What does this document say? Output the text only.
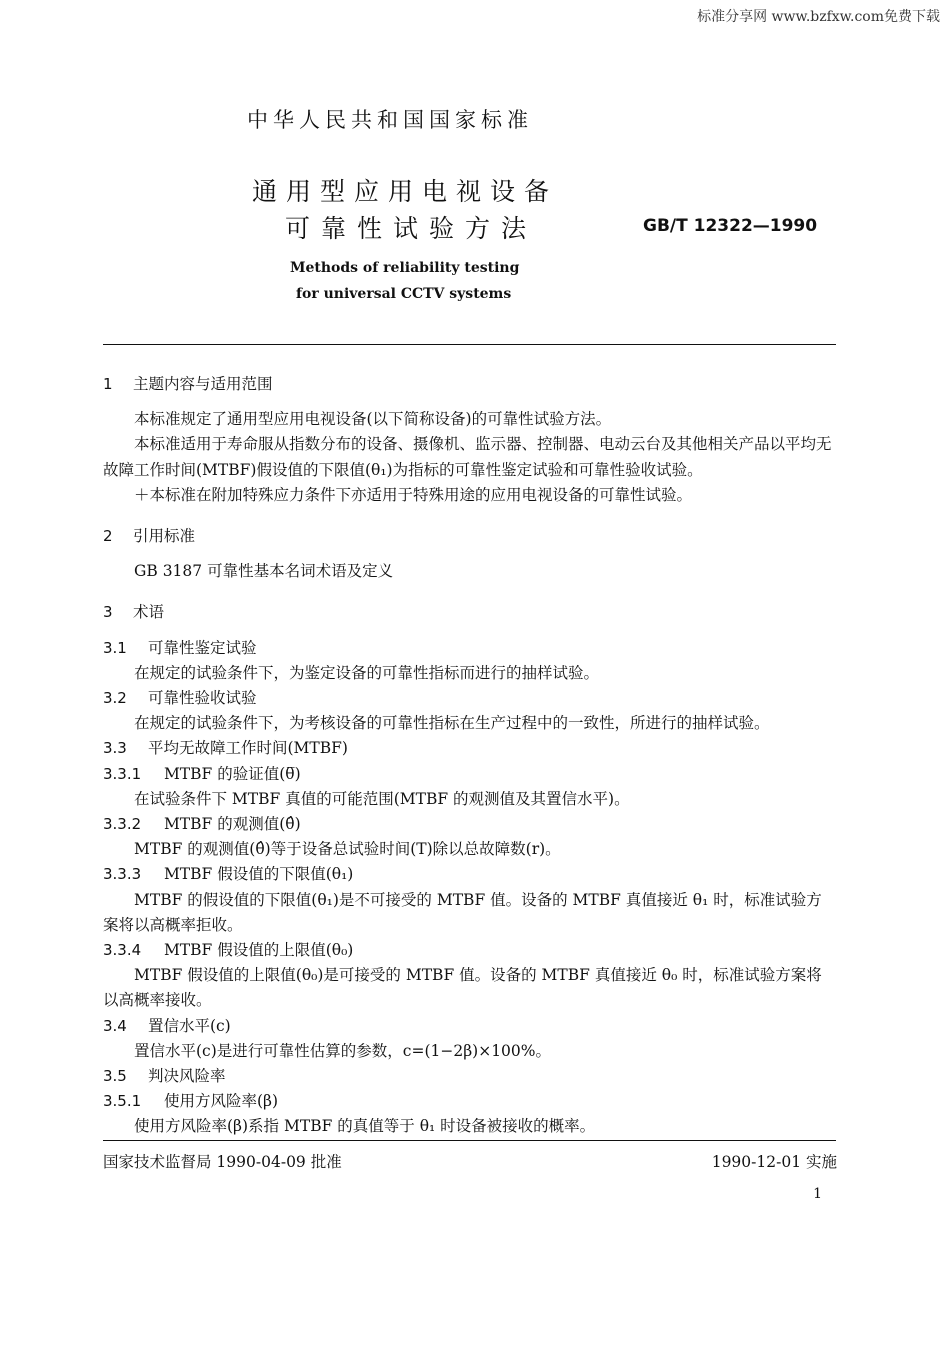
标准分享网 www.bzfxw.com免费下载
中华人民共和国国家标准
通用型应用电视设备
可靠性试验方法	GB/T 12322—1990
Methods of reliability testing
for universal CCTV systems
1 主题内容与适用范围

本标准规定了通用型应用电视设备(以下简称设备)的可靠性试验方法。

本标准适用于寿命服从指数分布的设备、摄像机、监示器、控制器、电动云台及其他相关产品以平均无故障工作时间(MTBF)假设值的下限值(θ₁)为指标的可靠性鉴定试验和可靠性验收试验。

＋本标准在附加特殊应力条件下亦适用于特殊用途的应用电视设备的可靠性试验。

2 引用标准

GB 3187 可靠性基本名词术语及定义

3 术语
3.1 可靠性鉴定试验

在规定的试验条件下，为鉴定设备的可靠性指标而进行的抽样试验。

3.2 可靠性验收试验

在规定的试验条件下，为考核设备的可靠性指标在生产过程中的一致性，所进行的抽样试验。

3.3 平均无故障工作时间(MTBF)
3.3.1 MTBF 的验证值(θ̅)

在试验条件下 MTBF 真值的可能范围(MTBF 的观测值及其置信水平)。

3.3.2 MTBF 的观测值(θ̂)

MTBF 的观测值(θ̂)等于设备总试验时间(T)除以总故障数(r)。

3.3.3 MTBF 假设值的下限值(θ₁)

MTBF 的假设值的下限值(θ₁)是不可接受的 MTBF 值。设备的 MTBF 真值接近 θ₁ 时，标准试验方案将以高概率拒收。

3.3.4 MTBF 假设值的上限值(θ₀)

MTBF 假设值的上限值(θ₀)是可接受的 MTBF 值。设备的 MTBF 真值接近 θ₀ 时，标准试验方案将以高概率接收。

3.4 置信水平(c)

置信水平(c)是进行可靠性估算的参数，c=(1−2β)×100%。

3.5 判决风险率
3.5.1 使用方风险率(β)

使用方风险率(β)系指 MTBF 的真值等于 θ₁ 时设备被接收的概率。

国家技术监督局 1990-04-09 批准	1990-12-01 实施
1
